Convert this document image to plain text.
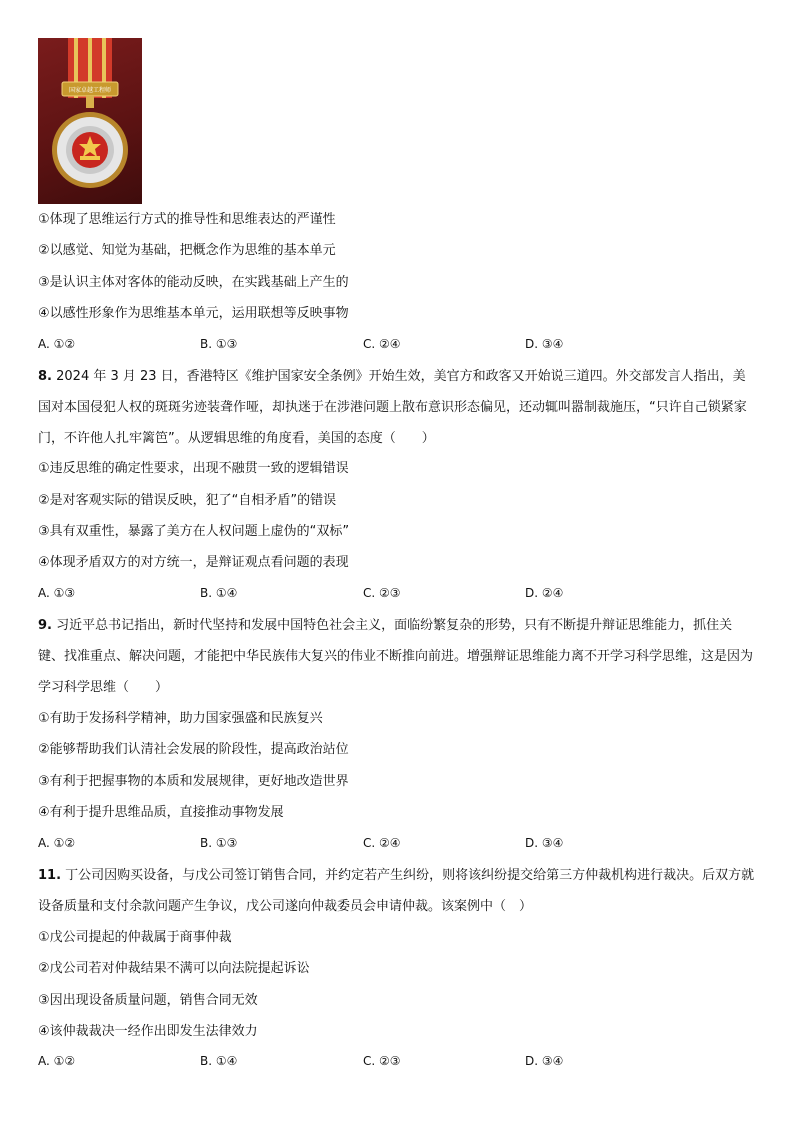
国家卓越工程师
①体现了思维运行方式的推导性和思维表达的严谨性
②以感觉、知觉为基础，把概念作为思维的基本单元
③是认识主体对客体的能动反映，在实践基础上产生的
④以感性形象作为思维基本单元，运用联想等反映事物
A. ①②	B. ①③	C. ②④	D. ③④
8. 2024 年 3 月 23 日，香港特区《维护国家安全条例》开始生效，美官方和政客又开始说三道四。外交部发言人指出，美国对本国侵犯人权的斑斑劣迹装聋作哑，却执迷于在涉港问题上散布意识形态偏见，还动辄叫嚣制裁施压，“只许自己锁紧家门，不许他人扎牢篱笆”。从逻辑思维的角度看，美国的态度（　　）
①违反思维的确定性要求，出现不融贯一致的逻辑错误
②是对客观实际的错误反映，犯了“自相矛盾”的错误
③具有双重性，暴露了美方在人权问题上虚伪的“双标”
④体现矛盾双方的对方统一，是辩证观点看问题的表现
A. ①③	B. ①④	C. ②③	D. ②④
9. 习近平总书记指出，新时代坚持和发展中国特色社会主义，面临纷繁复杂的形势，只有不断提升辩证思维能力，抓住关键、找准重点、解决问题，才能把中华民族伟大复兴的伟业不断推向前进。增强辩证思维能力离不开学习科学思维，这是因为学习科学思维（　　）
①有助于发扬科学精神，助力国家强盛和民族复兴
②能够帮助我们认清社会发展的阶段性，提高政治站位
③有利于把握事物的本质和发展规律，更好地改造世界
④有利于提升思维品质，直接推动事物发展
A. ①②	B. ①③	C. ②④	D. ③④
11. 丁公司因购买设备，与戊公司签订销售合同，并约定若产生纠纷，则将该纠纷提交给第三方仲裁机构进行裁决。后双方就设备质量和支付余款问题产生争议，戊公司遂向仲裁委员会申请仲裁。该案例中（　）
①戊公司提起的仲裁属于商事仲裁
②戊公司若对仲裁结果不满可以向法院提起诉讼
③因出现设备质量问题，销售合同无效
④该仲裁裁决一经作出即发生法律效力
A. ①②	B. ①④	C. ②③	D. ③④
